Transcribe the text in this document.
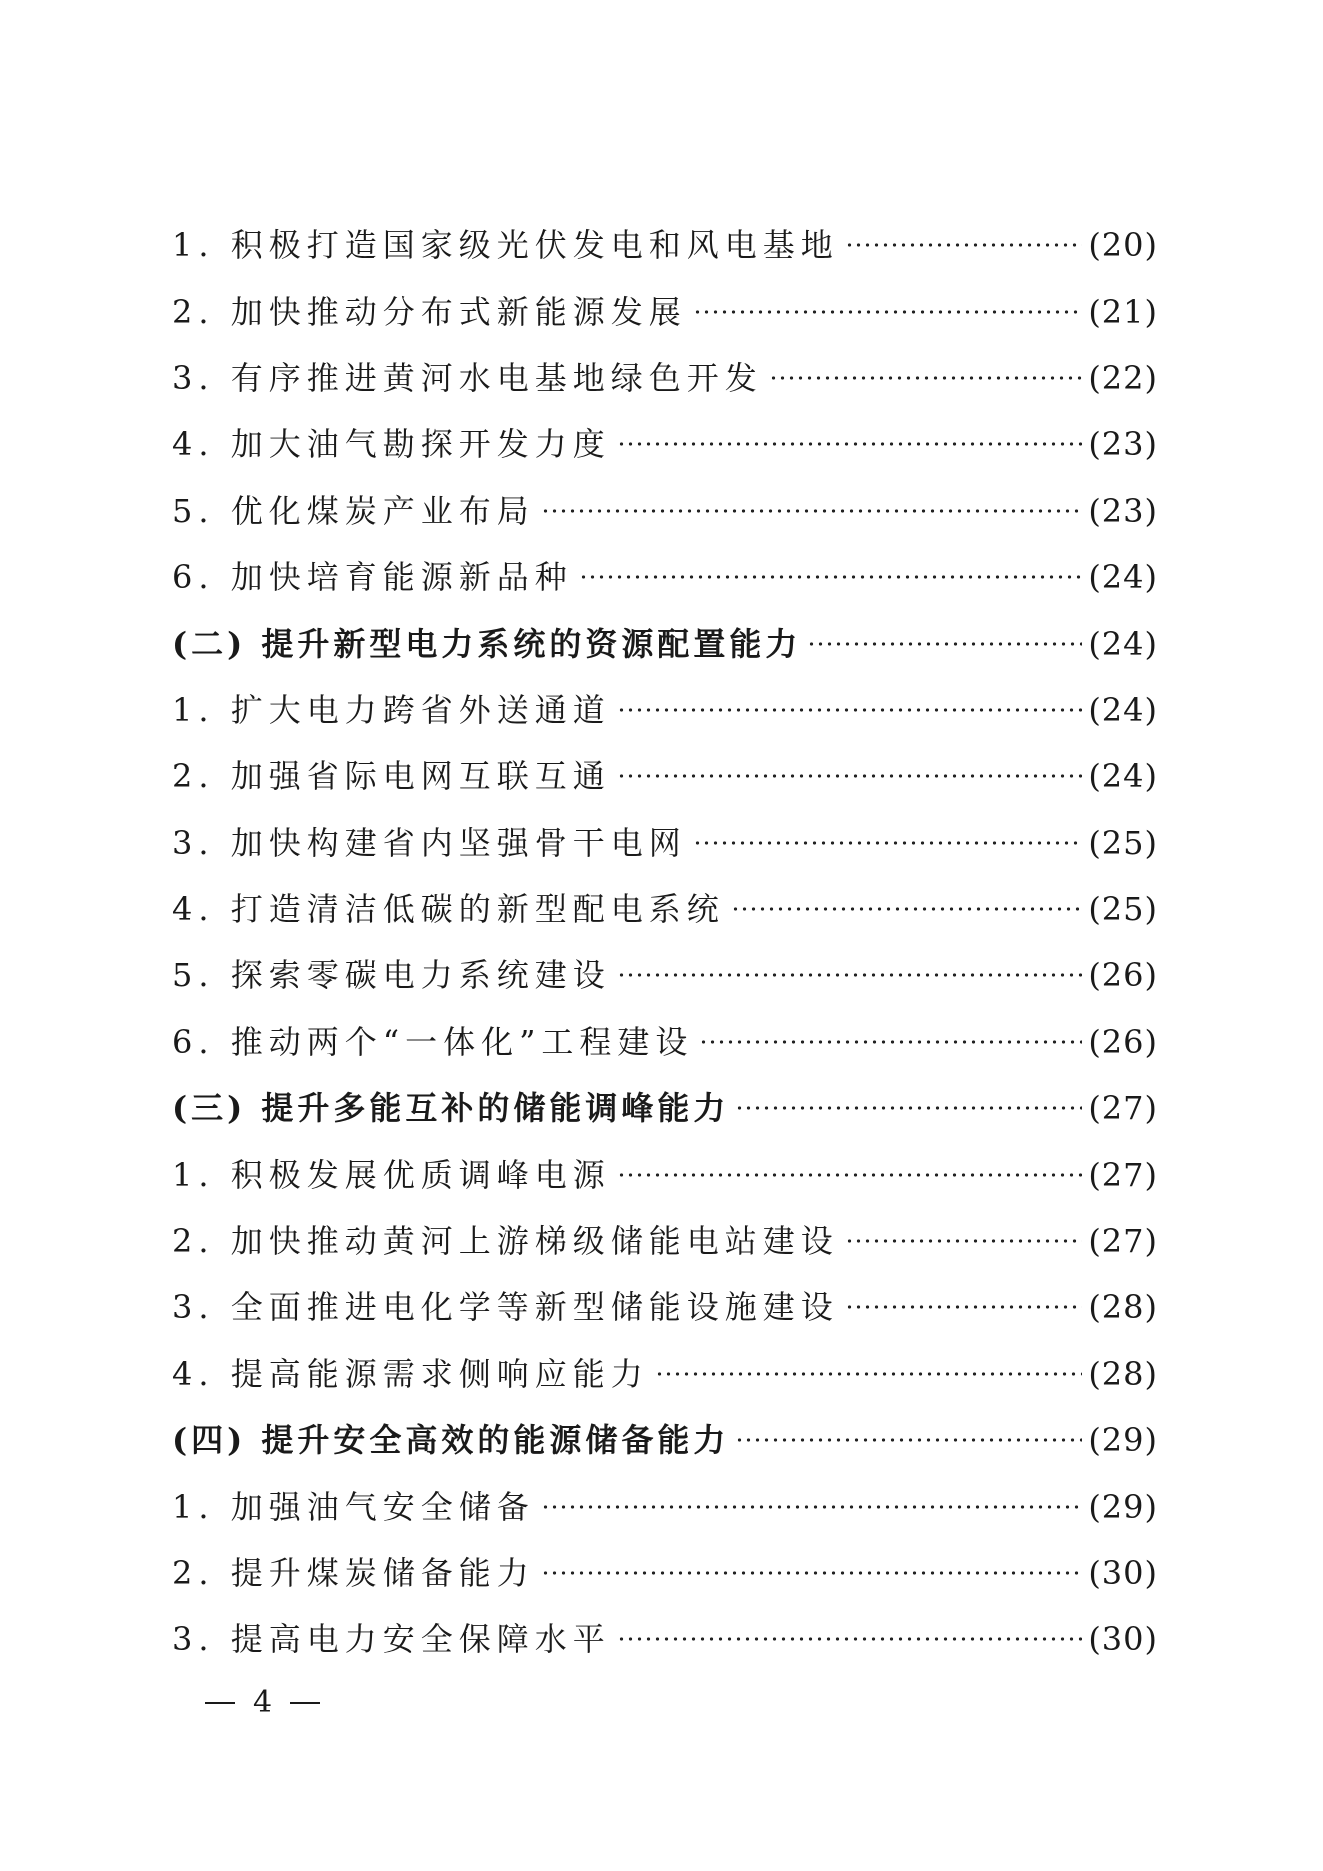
1. 积极打造国家级光伏发电和风电基地	(20)
2. 加快推动分布式新能源发展	(21)
3. 有序推进黄河水电基地绿色开发	(22)
4. 加大油气勘探开发力度	(23)
5. 优化煤炭产业布局	(23)
6. 加快培育能源新品种	(24)
(二) 提升新型电力系统的资源配置能力	(24)
1. 扩大电力跨省外送通道	(24)
2. 加强省际电网互联互通	(24)
3. 加快构建省内坚强骨干电网	(25)
4. 打造清洁低碳的新型配电系统	(25)
5. 探索零碳电力系统建设	(26)
6. 推动两个“一体化”工程建设	(26)
(三) 提升多能互补的储能调峰能力	(27)
1. 积极发展优质调峰电源	(27)
2. 加快推动黄河上游梯级储能电站建设	(27)
3. 全面推进电化学等新型储能设施建设	(28)
4. 提高能源需求侧响应能力	(28)
(四) 提升安全高效的能源储备能力	(29)
1. 加强油气安全储备	(29)
2. 提升煤炭储备能力	(30)
3. 提高电力安全保障水平	(30)
4
